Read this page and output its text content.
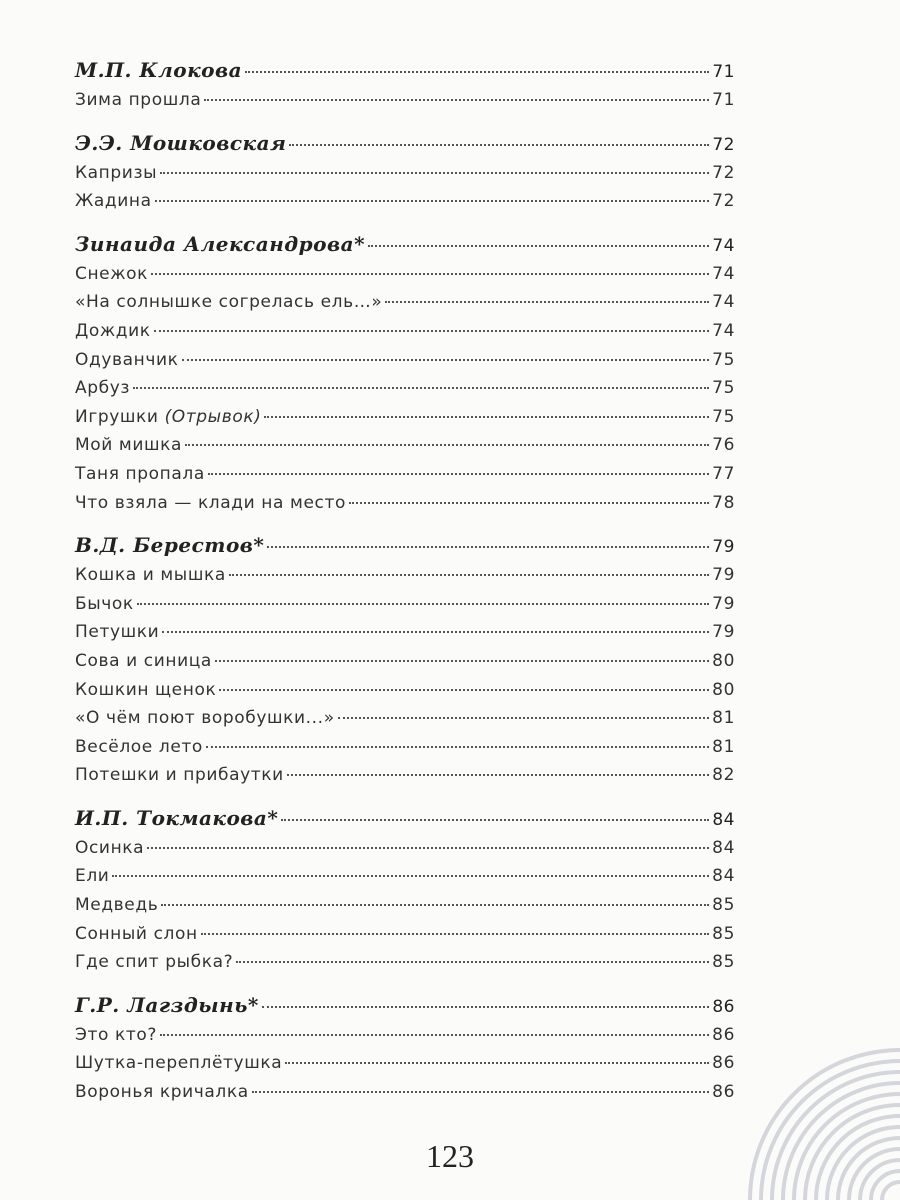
М.П. Клокова	71
Зима прошла	71
Э.Э. Мошковская	72
Капризы	72
Жадина	72
Зинаида Александрова*	74
Снежок	74
«На солнышке согрелась ель…»	74
Дождик	74
Одуванчик	75
Арбуз	75
Игрушки (Отрывок)	75
Мой мишка	76
Таня пропала	77
Что взяла — клади на место	78
В.Д. Берестов*	79
Кошка и мышка	79
Бычок	79
Петушки	79
Сова и синица	80
Кошкин щенок	80
«О чём поют воробушки...»	81
Весёлое лето	81
Потешки и прибаутки	82
И.П. Токмакова*	84
Осинка	84
Ели	84
Медведь	85
Сонный слон	85
Где спит рыбка?	85
Г.Р. Лагздынь*	86
Это кто?	86
Шутка-переплётушка	86
Воронья кричалка	86
123
